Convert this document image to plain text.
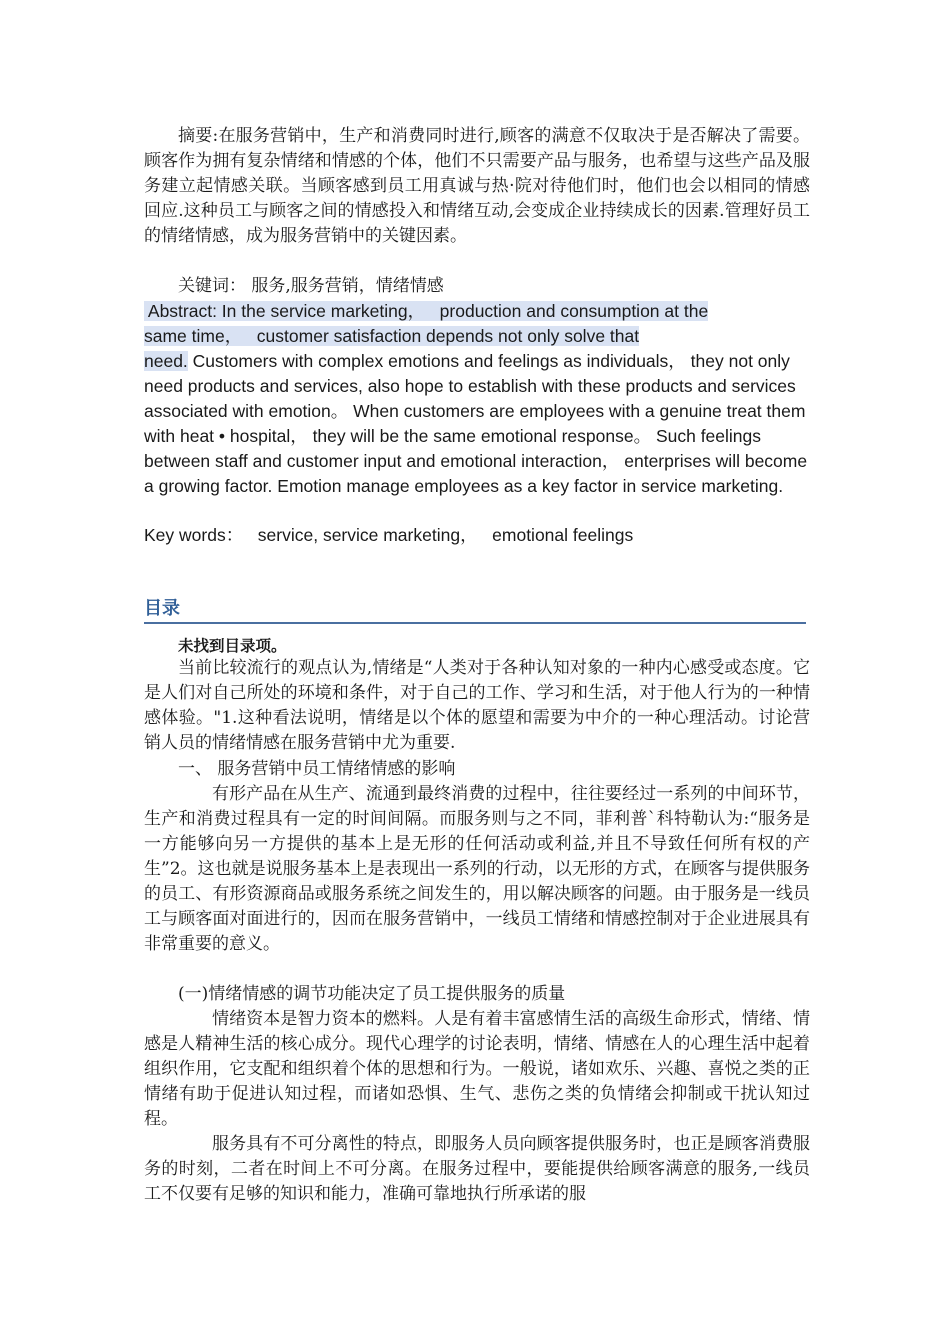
摘要:在服务营销中，生产和消费同时进行,顾客的满意不仅取决于是否解决了需要。顾客作为拥有复杂情绪和情感的个体，他们不只需要产品与服务，也希望与这些产品及服务建立起情感关联。当顾客感到员工用真诚与热·院对待他们时，他们也会以相同的情感回应.这种员工与顾客之间的情感投入和情绪互动,会变成企业持续成长的因素.管理好员工的情绪情感，成为服务营销中的关键因素。

关键词： 服务,服务营销，情绪情感

Abstract: In the service marketing，   production and consumption at the
same time，   customer satisfaction depends not only solve that

need. Customers with complex emotions and feelings as individuals， they not only need products and services, also hope to establish with these products and services associated with emotion。 When customers are employees with a genuine treat them with heat • hospital， they will be the same emotional response。 Such feelings between staff and customer input and emotional interaction， enterprises will become a growing factor. Emotion manage employees as a key factor in service marketing.

Key words：   service, service marketing，   emotional feelings
目录

未找到目录项。

当前比较流行的观点认为,情绪是“人类对于各种认知对象的一种内心感受或态度。它是人们对自己所处的环境和条件，对于自己的工作、学习和生活，对于他人行为的一种情感体验。"1.这种看法说明，情绪是以个体的愿望和需要为中介的一种心理活动。讨论营销人员的情绪情感在服务营销中尤为重要.

一、 服务营销中员工情绪情感的影响

有形产品在从生产、流通到最终消费的过程中，往往要经过一系列的中间环节，生产和消费过程具有一定的时间间隔。而服务则与之不同，菲利普`科特勒认为:“服务是一方能够向另一方提供的基本上是无形的任何活动或利益,并且不导致任何所有权的产生”2。这也就是说服务基本上是表现出一系列的行动，以无形的方式，在顾客与提供服务的员工、有形资源商品或服务系统之间发生的，用以解决顾客的问题。由于服务是一线员工与顾客面对面进行的，因而在服务营销中，一线员工情绪和情感控制对于企业进展具有非常重要的意义。

(一)情绪情感的调节功能决定了员工提供服务的质量

情绪资本是智力资本的燃料。人是有着丰富感情生活的高级生命形式，情绪、情感是人精神生活的核心成分。现代心理学的讨论表明，情绪、情感在人的心理生活中起着组织作用，它支配和组织着个体的思想和行为。一般说，诸如欢乐、兴趣、喜悦之类的正情绪有助于促进认知过程，而诸如恐惧、生气、悲伤之类的负情绪会抑制或干扰认知过程。

服务具有不可分离性的特点，即服务人员向顾客提供服务时，也正是顾客消费服务的时刻，二者在时间上不可分离。在服务过程中，要能提供给顾客满意的服务,一线员工不仅要有足够的知识和能力，准确可靠地执行所承诺的服
